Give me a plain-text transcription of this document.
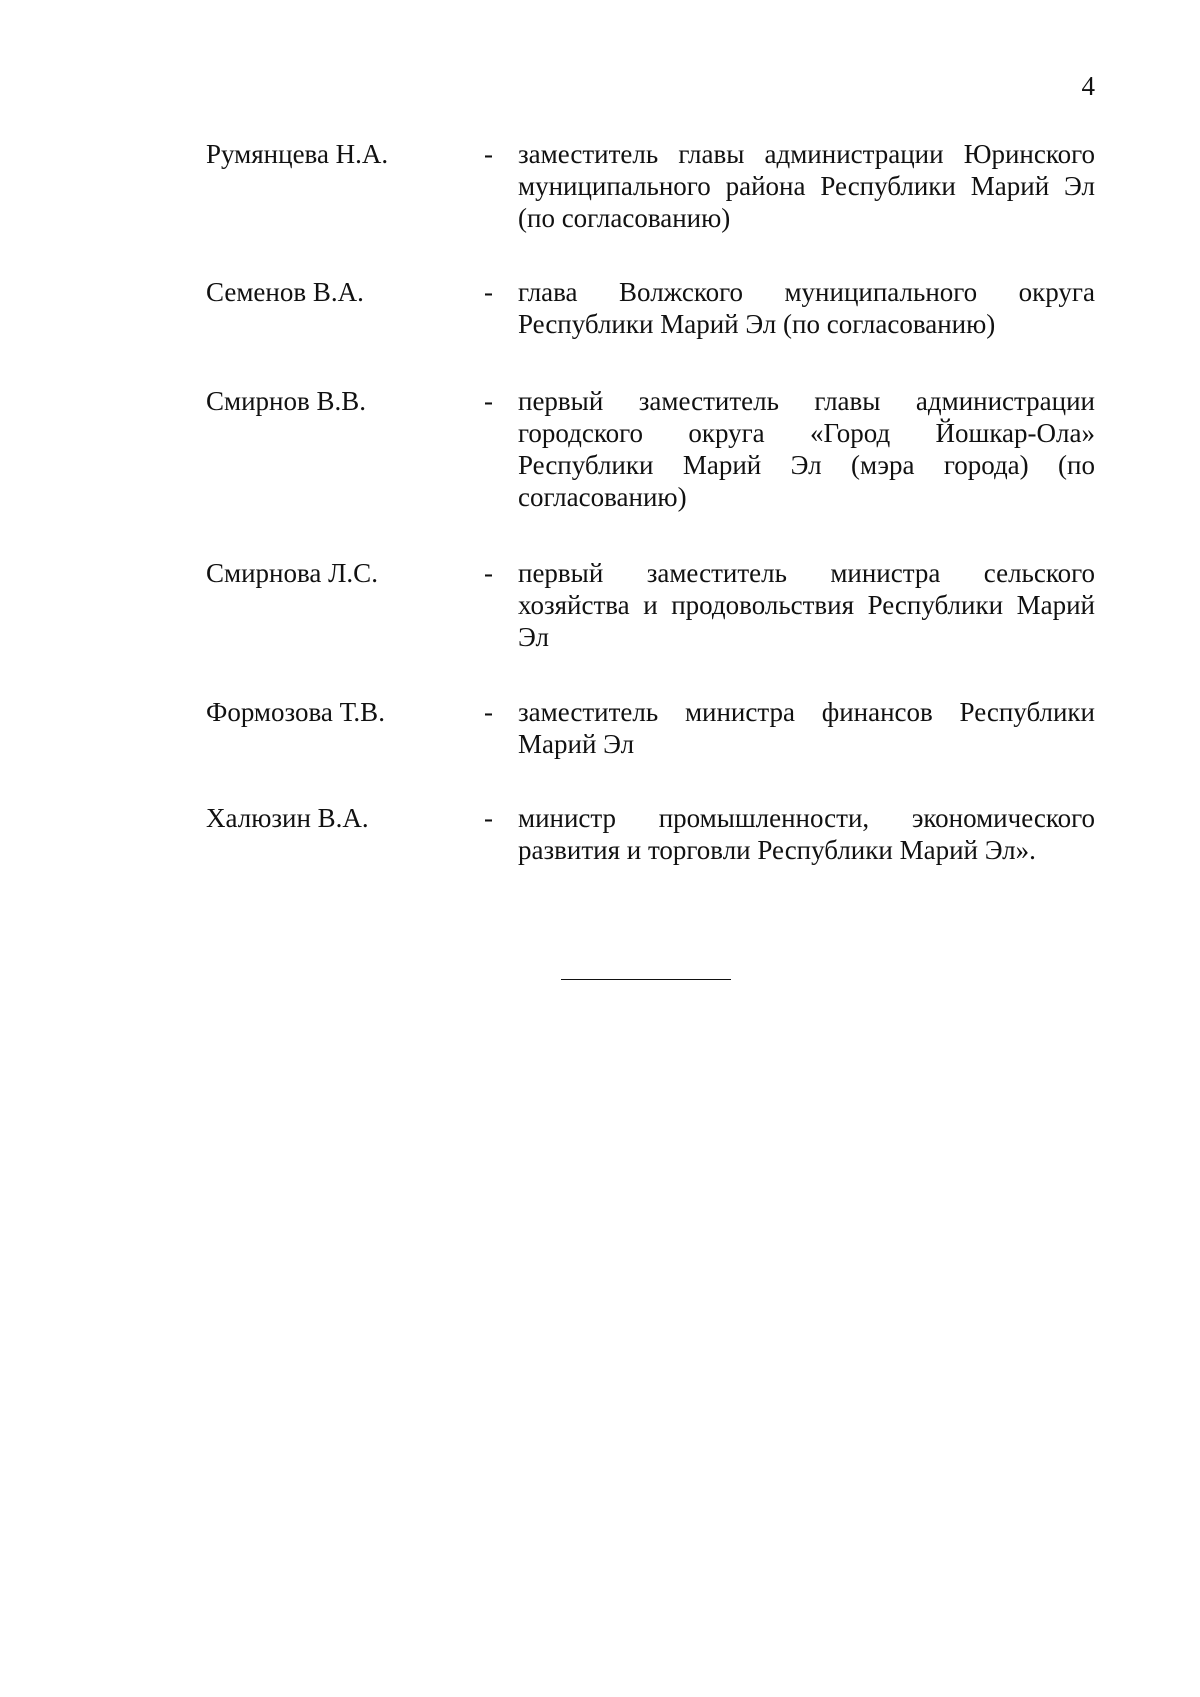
4
Румянцева Н.А.	- заместитель главы администрации Юринского муниципального района Республики Марий Эл (по согласованию)
Семенов В.А.	- глава Волжского муниципального округа Республики Марий Эл (по согласованию)
Смирнов В.В.	- первый заместитель главы администрации городского округа «Город Йошкар-Ола» Республики Марий Эл (мэра города) (по согласованию)
Смирнова Л.С.	- первый заместитель министра сельского хозяйства и продовольствия Республики Марий Эл
Формозова Т.В.	- заместитель министра финансов Республики Марий Эл
Халюзин В.А.	- министр промышленности, экономического развития и торговли Республики Марий Эл».
